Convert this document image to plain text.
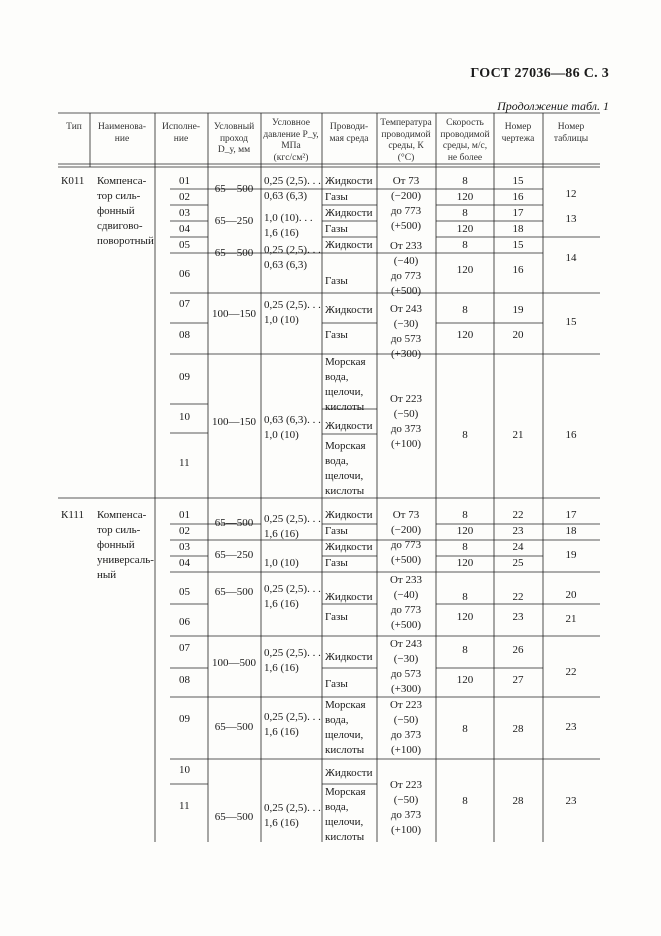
ГОСТ 27036—86 С. 3
Продолжение табл. 1
Тип Наименова-
ние
Исполне-
ние
Условный
проход
D_у, мм
Условное
давление P_у,
МПа
(кгс/см²)
Проводи-
мая среда
Температура
проводимой
среды, К
(°С)
Скорость
проводимой
среды, м/с,
не более
Номер
чертежа
Номер
таблицы
К011 Компенса-
тор силь-
фонный
сдвигово-
поворотный
01
02
03
04
05
06
07
08
09
10
11
65—500
65—250
65—500
100—150
100—150
0,25 (2,5). . .
0,63 (6,3)
1,0 (10). . .
1,6 (16)
0,25 (2,5). . .
0,63 (6,3)
0,25 (2,5). . .
1,0 (10)
0,63 (6,3). . .
1,0 (10)
Жидкости
Газы
Жидкости
Газы
Жидкости
Газы
Жидкости
Газы
Морская
вода,
щелочи,
кислоты
Жидкости
Морская
вода,
щелочи,
кислоты
От 73
(−200)
до 773
(+500)
От 233
(−40)
до 773
(+500)
От 243
(−30)
до 573
(+300)
От 223
(−50)
до 373
(+100)
8
120
8
120
8
120
8
120
8
15
16
17
18
15
16
19
20
21
12
13
14
15
16
К111 Компенса-
тор силь-
фонный
универсаль-
ный
01
02
03
04
05
06
07
08
09
10
11
65—500
65—250
65—500
100—500
65—500
65—500
0,25 (2,5). . .
1,6 (16)
1,0 (10)
0,25 (2,5). . .
1,6 (16)
0,25 (2,5). . .
1,6 (16)
0,25 (2,5). . .
1,6 (16)
0,25 (2,5). . .
1,6 (16)
Жидкости
Газы
Жидкости
Газы
Жидкости
Газы
Жидкости
Газы
Морская
вода,
щелочи,
кислоты
Жидкости
Морская
вода,
щелочи,
кислоты
От 73
(−200)
до 773
(+500)
От 233
(−40)
до 773
(+500)
От 243
(−30)
до 573
(+300)
От 223
(−50)
до 373
(+100)
От 223
(−50)
до 373
(+100)
8
120
8
120
8
120
8
120
8
8
22
23
24
25
22
23
26
27
28
28
17
18
19
20
21
22
23
23
